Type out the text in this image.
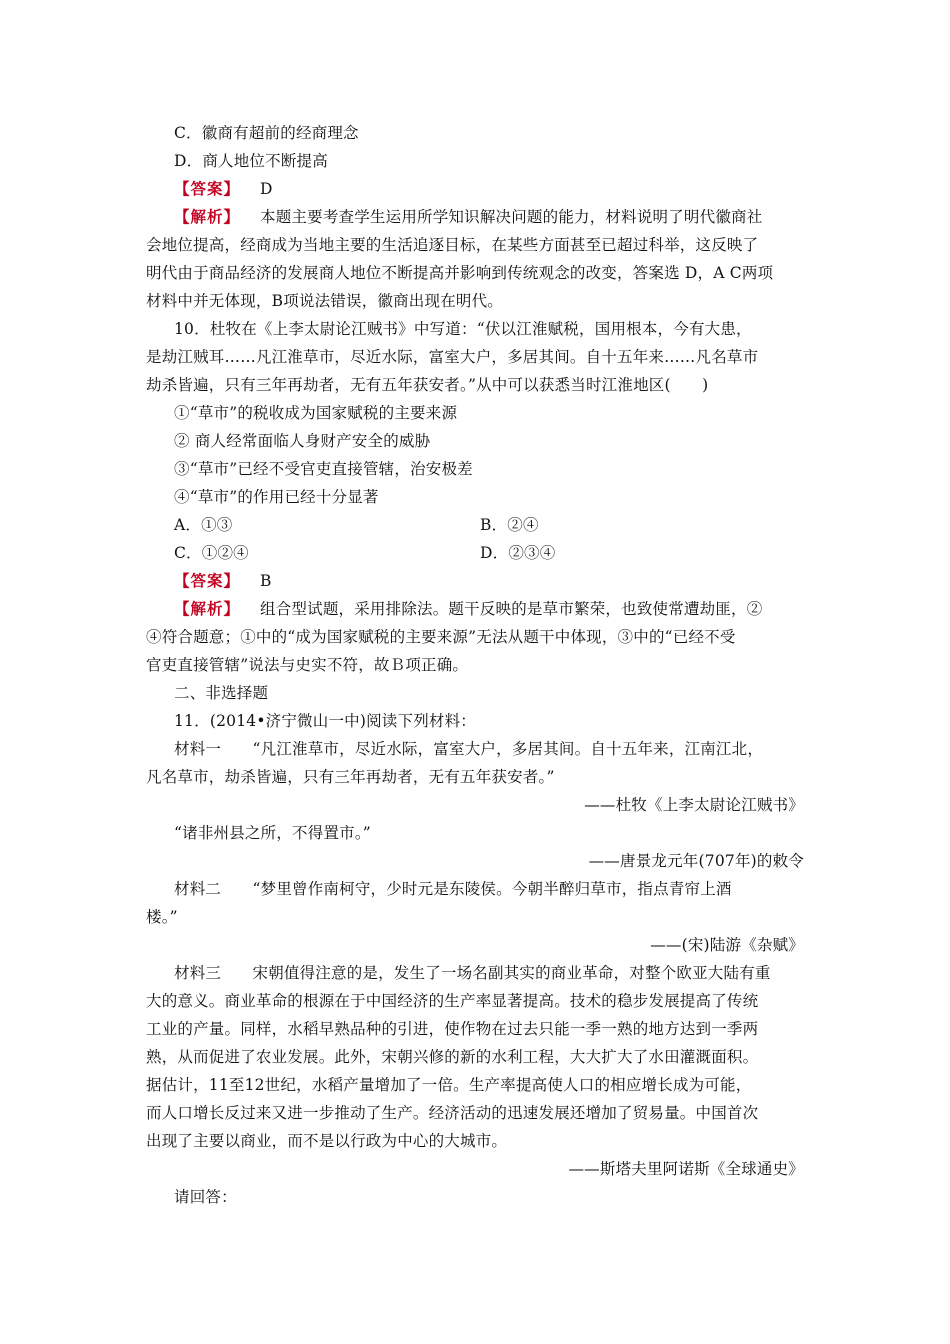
C．徽商有超前的经商理念
D．商人地位不断提高
【答案】 D
【解析】 本题主要考查学生运用所学知识解决问题的能力，材料说明了明代徽商社
会地位提高，经商成为当地主要的生活追逐目标，在某些方面甚至已超过科举，这反映了
明代由于商品经济的发展商人地位不断提高并影响到传统观念的改变，答案选 D，A C两项
材料中并无体现，B项说法错误，徽商出现在明代。
10．杜牧在《上李太尉论江贼书》中写道：“伏以江淮赋税，国用根本，今有大患，
是劫江贼耳……凡江淮草市，尽近水际，富室大户，多居其间。自十五年来……凡名草市
劫杀皆遍，只有三年再劫者，无有五年获安者。”从中可以获悉当时江淮地区(　　)
①“草市”的税收成为国家赋税的主要来源
② 商人经常面临人身财产安全的威胁
③“草市”已经不受官吏直接管辖，治安极差
④“草市”的作用已经十分显著
A．①③	B．②④
C．①②④	D．②③④
【答案】 B
【解析】 组合型试题，采用排除法。题干反映的是草市繁荣，也致使常遭劫匪，②
④符合题意；①中的“成为国家赋税的主要来源”无法从题干中体现，③中的“已经不受
官吏直接管辖”说法与史实不符，故Ｂ项正确。
二、非选择题
11．(2014•济宁微山一中)阅读下列材料：
材料一　　“凡江淮草市，尽近水际，富室大户，多居其间。自十五年来，江南江北，
凡名草市，劫杀皆遍，只有三年再劫者，无有五年获安者。”
——杜牧《上李太尉论江贼书》
“诸非州县之所，不得置市。”
——唐景龙元年(707年)的敕令
材料二　　“梦里曾作南柯守，少时元是东陵侯。今朝半醉归草市，指点青帘上酒
楼。”
——(宋)陆游《杂赋》
材料三　　宋朝值得注意的是，发生了一场名副其实的商业革命，对整个欧亚大陆有重
大的意义。商业革命的根源在于中国经济的生产率显著提高。技术的稳步发展提高了传统
工业的产量。同样，水稻早熟品种的引进，使作物在过去只能一季一熟的地方达到一季两
熟，从而促进了农业发展。此外，宋朝兴修的新的水利工程，大大扩大了水田灌溉面积。
据估计，11至12世纪，水稻产量增加了一倍。生产率提高使人口的相应增长成为可能，
而人口增长反过来又进一步推动了生产。经济活动的迅速发展还增加了贸易量。中国首次
出现了主要以商业，而不是以行政为中心的大城市。
——斯塔夫里阿诺斯《全球通史》
请回答：
